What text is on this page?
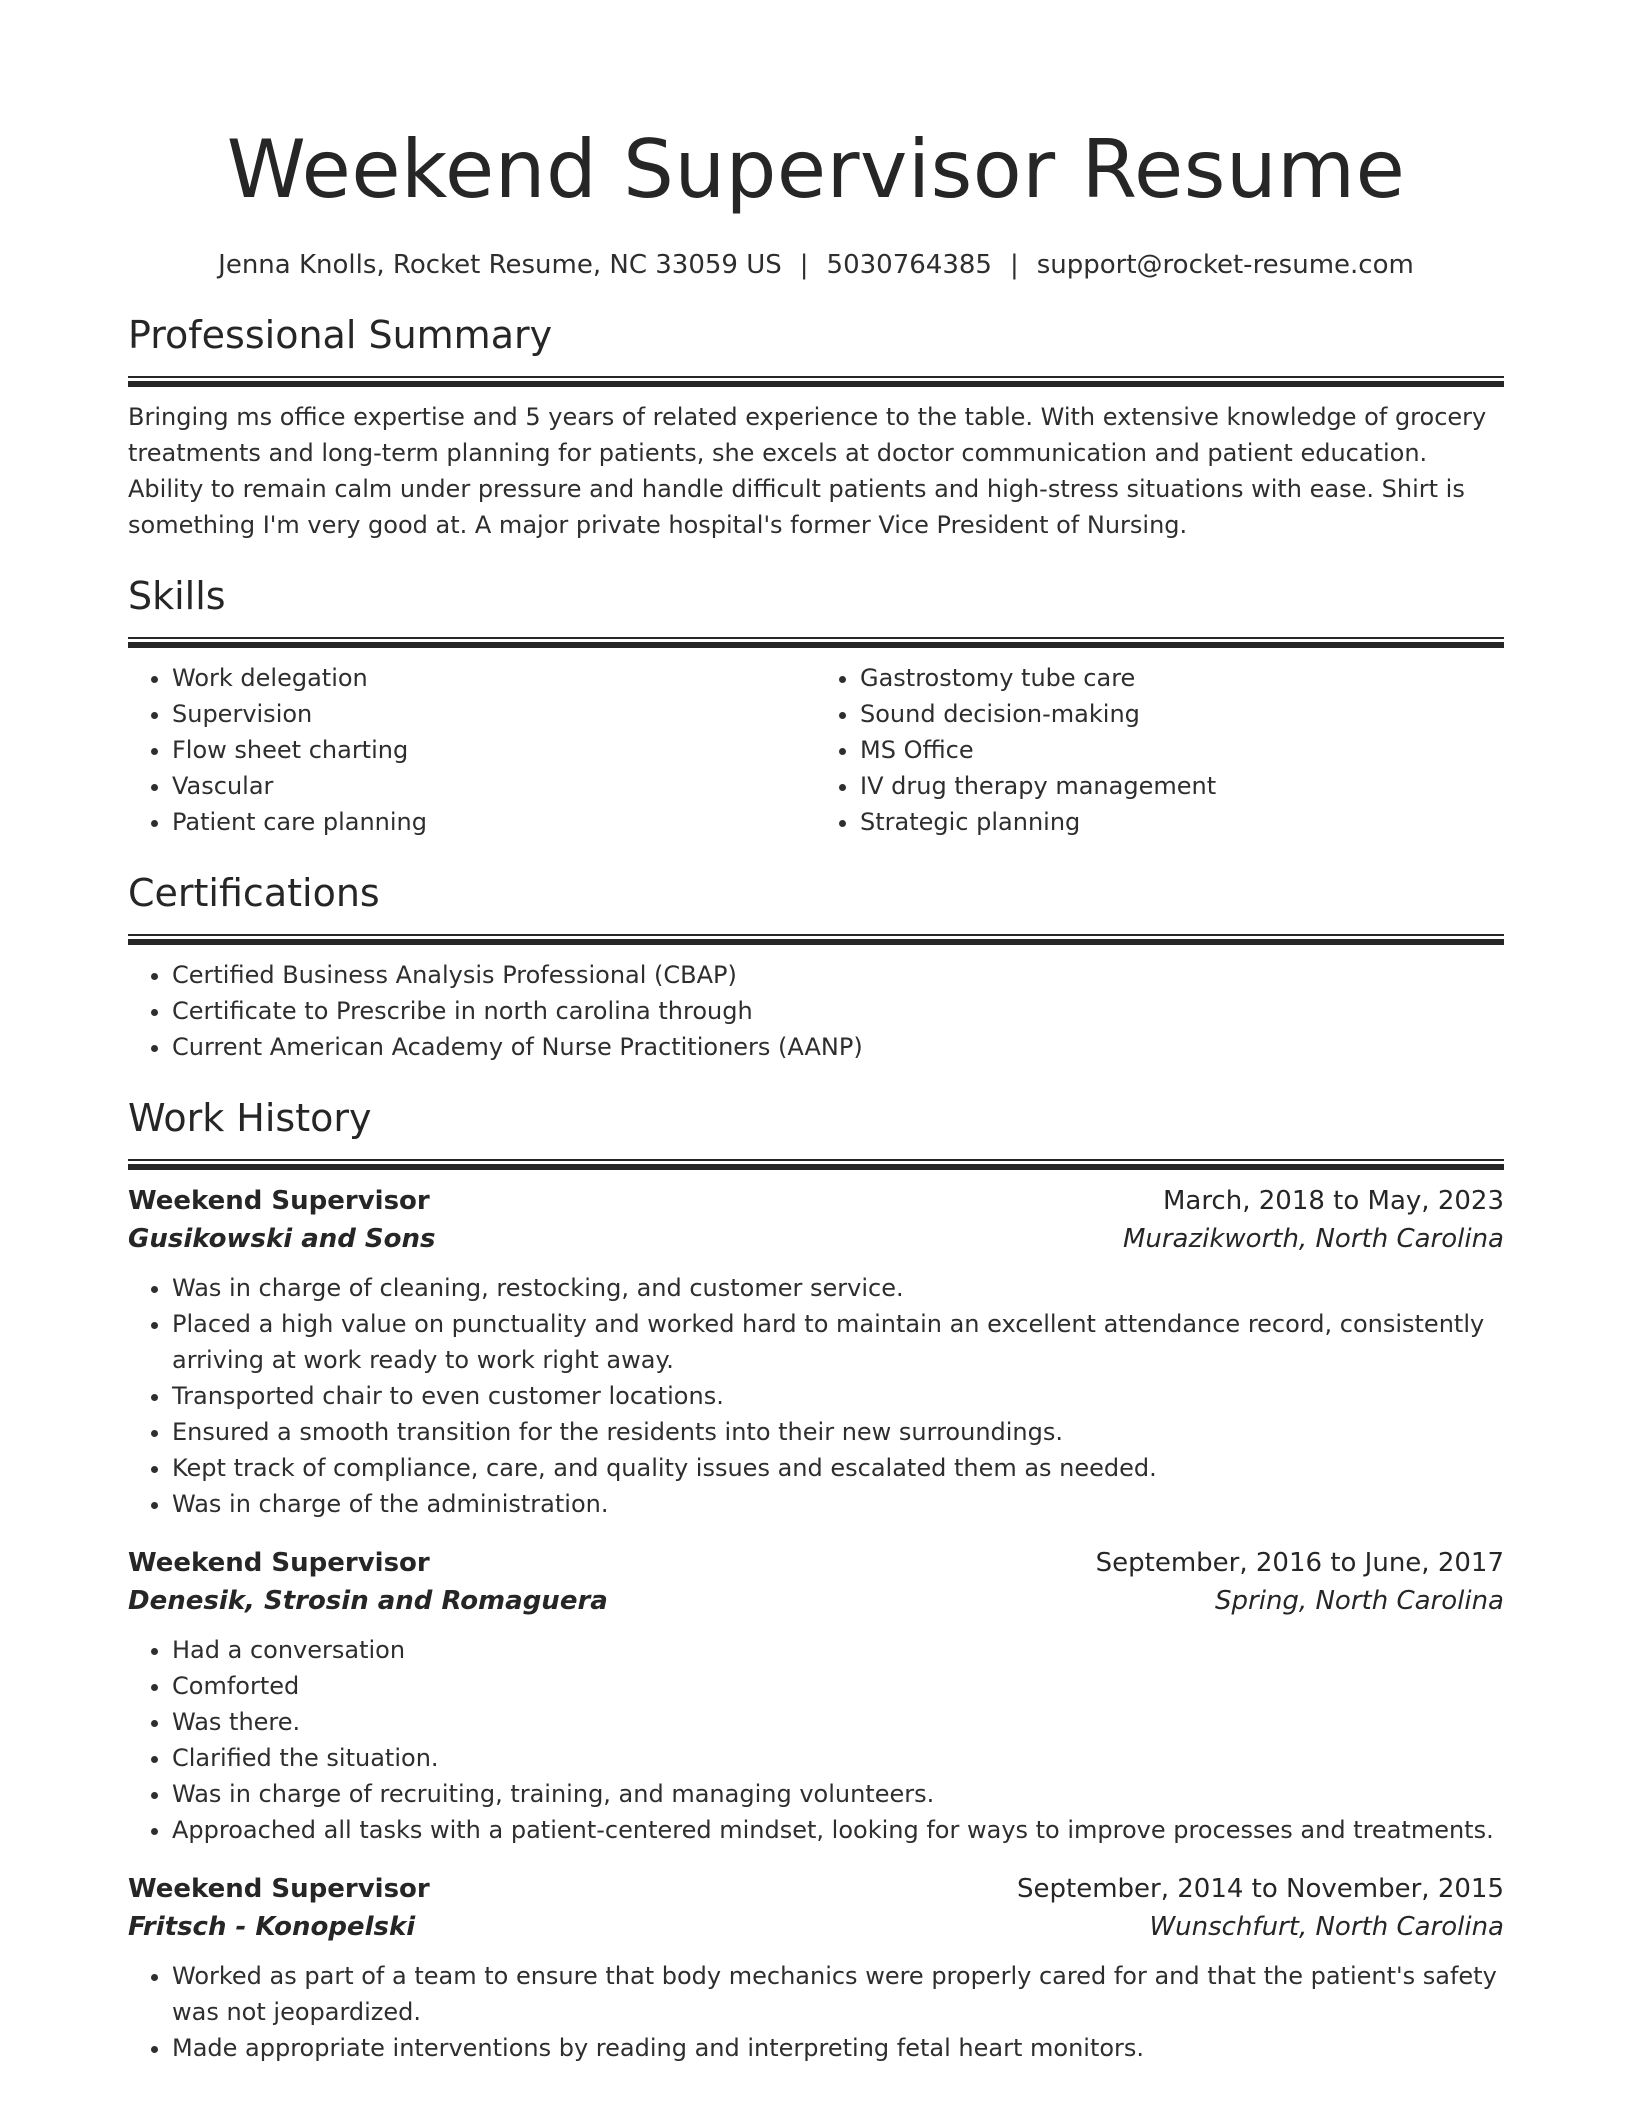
Weekend Supervisor Resume
Jenna Knolls, Rocket Resume, NC 33059 US | 5030764385 | support@rocket-resume.com
Professional Summary

Bringing ms office expertise and 5 years of related experience to the table. With extensive knowledge of grocery treatments and long-term planning for patients, she excels at doctor communication and patient education. Ability to remain calm under pressure and handle difficult patients and high-stress situations with ease. Shirt is something I'm very good at. A major private hospital's former Vice President of Nursing.

Skills
• Work delegation
• Supervision
• Flow sheet charting
• Vascular
• Patient care planning
• Gastrostomy tube care
• Sound decision-making
• MS Office
• IV drug therapy management
• Strategic planning
Certifications
• Certified Business Analysis Professional (CBAP)
• Certificate to Prescribe in north carolina through
• Current American Academy of Nurse Practitioners (AANP)
Work History
Weekend Supervisor	March, 2018 to May, 2023
Gusikowski and Sons	Murazikworth, North Carolina
• Was in charge of cleaning, restocking, and customer service.
• Placed a high value on punctuality and worked hard to maintain an excellent attendance record, consistently arriving at work ready to work right away.
• Transported chair to even customer locations.
• Ensured a smooth transition for the residents into their new surroundings.
• Kept track of compliance, care, and quality issues and escalated them as needed.
• Was in charge of the administration.
Weekend Supervisor	September, 2016 to June, 2017
Denesik, Strosin and Romaguera	Spring, North Carolina
• Had a conversation
• Comforted
• Was there.
• Clarified the situation.
• Was in charge of recruiting, training, and managing volunteers.
• Approached all tasks with a patient-centered mindset, looking for ways to improve processes and treatments.
Weekend Supervisor	September, 2014 to November, 2015
Fritsch - Konopelski	Wunschfurt, North Carolina
• Worked as part of a team to ensure that body mechanics were properly cared for and that the patient's safety was not jeopardized.
• Made appropriate interventions by reading and interpreting fetal heart monitors.
